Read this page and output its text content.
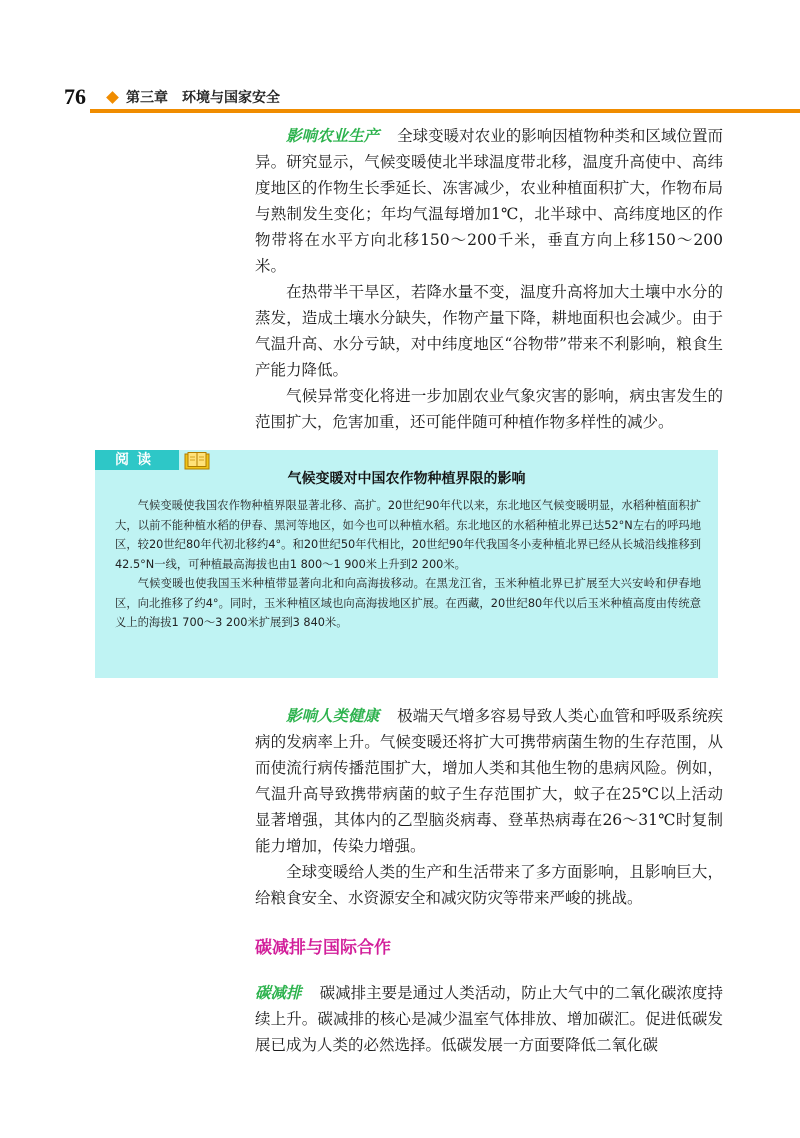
76	第三章　环境与国家安全

影响农业生产 全球变暖对农业的影响因植物种类和区域位置而异。研究显示，气候变暖使北半球温度带北移，温度升高使中、高纬度地区的作物生长季延长、冻害减少，农业种植面积扩大，作物布局与熟制发生变化；年均气温每增加1℃，北半球中、高纬度地区的作物带将在水平方向北移150～200千米，垂直方向上移150～200米。

在热带半干旱区，若降水量不变，温度升高将加大土壤中水分的蒸发，造成土壤水分缺失，作物产量下降，耕地面积也会减少。由于气温升高、水分亏缺，对中纬度地区“谷物带”带来不利影响，粮食生产能力降低。

气候异常变化将进一步加剧农业气象灾害的影响，病虫害发生的范围扩大，危害加重，还可能伴随可种植作物多样性的减少。

阅读
气候变暖对中国农作物种植界限的影响

气候变暖使我国农作物种植界限显著北移、高扩。20世纪90年代以来，东北地区气候变暖明显，水稻种植面积扩大，以前不能种植水稻的伊春、黑河等地区，如今也可以种植水稻。东北地区的水稻种植北界已达52°N左右的呼玛地区，较20世纪80年代初北移约4°。和20世纪50年代相比，20世纪90年代我国冬小麦种植北界已经从长城沿线推移到42.5°N一线，可种植最高海拔也由1 800～1 900米上升到2 200米。

气候变暖也使我国玉米种植带显著向北和向高海拔移动。在黑龙江省，玉米种植北界已扩展至大兴安岭和伊春地区，向北推移了约4°。同时，玉米种植区域也向高海拔地区扩展。在西藏，20世纪80年代以后玉米种植高度由传统意义上的海拔1 700～3 200米扩展到3 840米。

影响人类健康 极端天气增多容易导致人类心血管和呼吸系统疾病的发病率上升。气候变暖还将扩大可携带病菌生物的生存范围，从而使流行病传播范围扩大，增加人类和其他生物的患病风险。例如，气温升高导致携带病菌的蚊子生存范围扩大，蚊子在25℃以上活动显著增强，其体内的乙型脑炎病毒、登革热病毒在26～31℃时复制能力增加，传染力增强。

全球变暖给人类的生产和生活带来了多方面影响，且影响巨大，给粮食安全、水资源安全和减灾防灾等带来严峻的挑战。

碳减排与国际合作

碳减排 碳减排主要是通过人类活动，防止大气中的二氧化碳浓度持续上升。碳减排的核心是减少温室气体排放、增加碳汇。促进低碳发展已成为人类的必然选择。低碳发展一方面要降低二氧化碳
